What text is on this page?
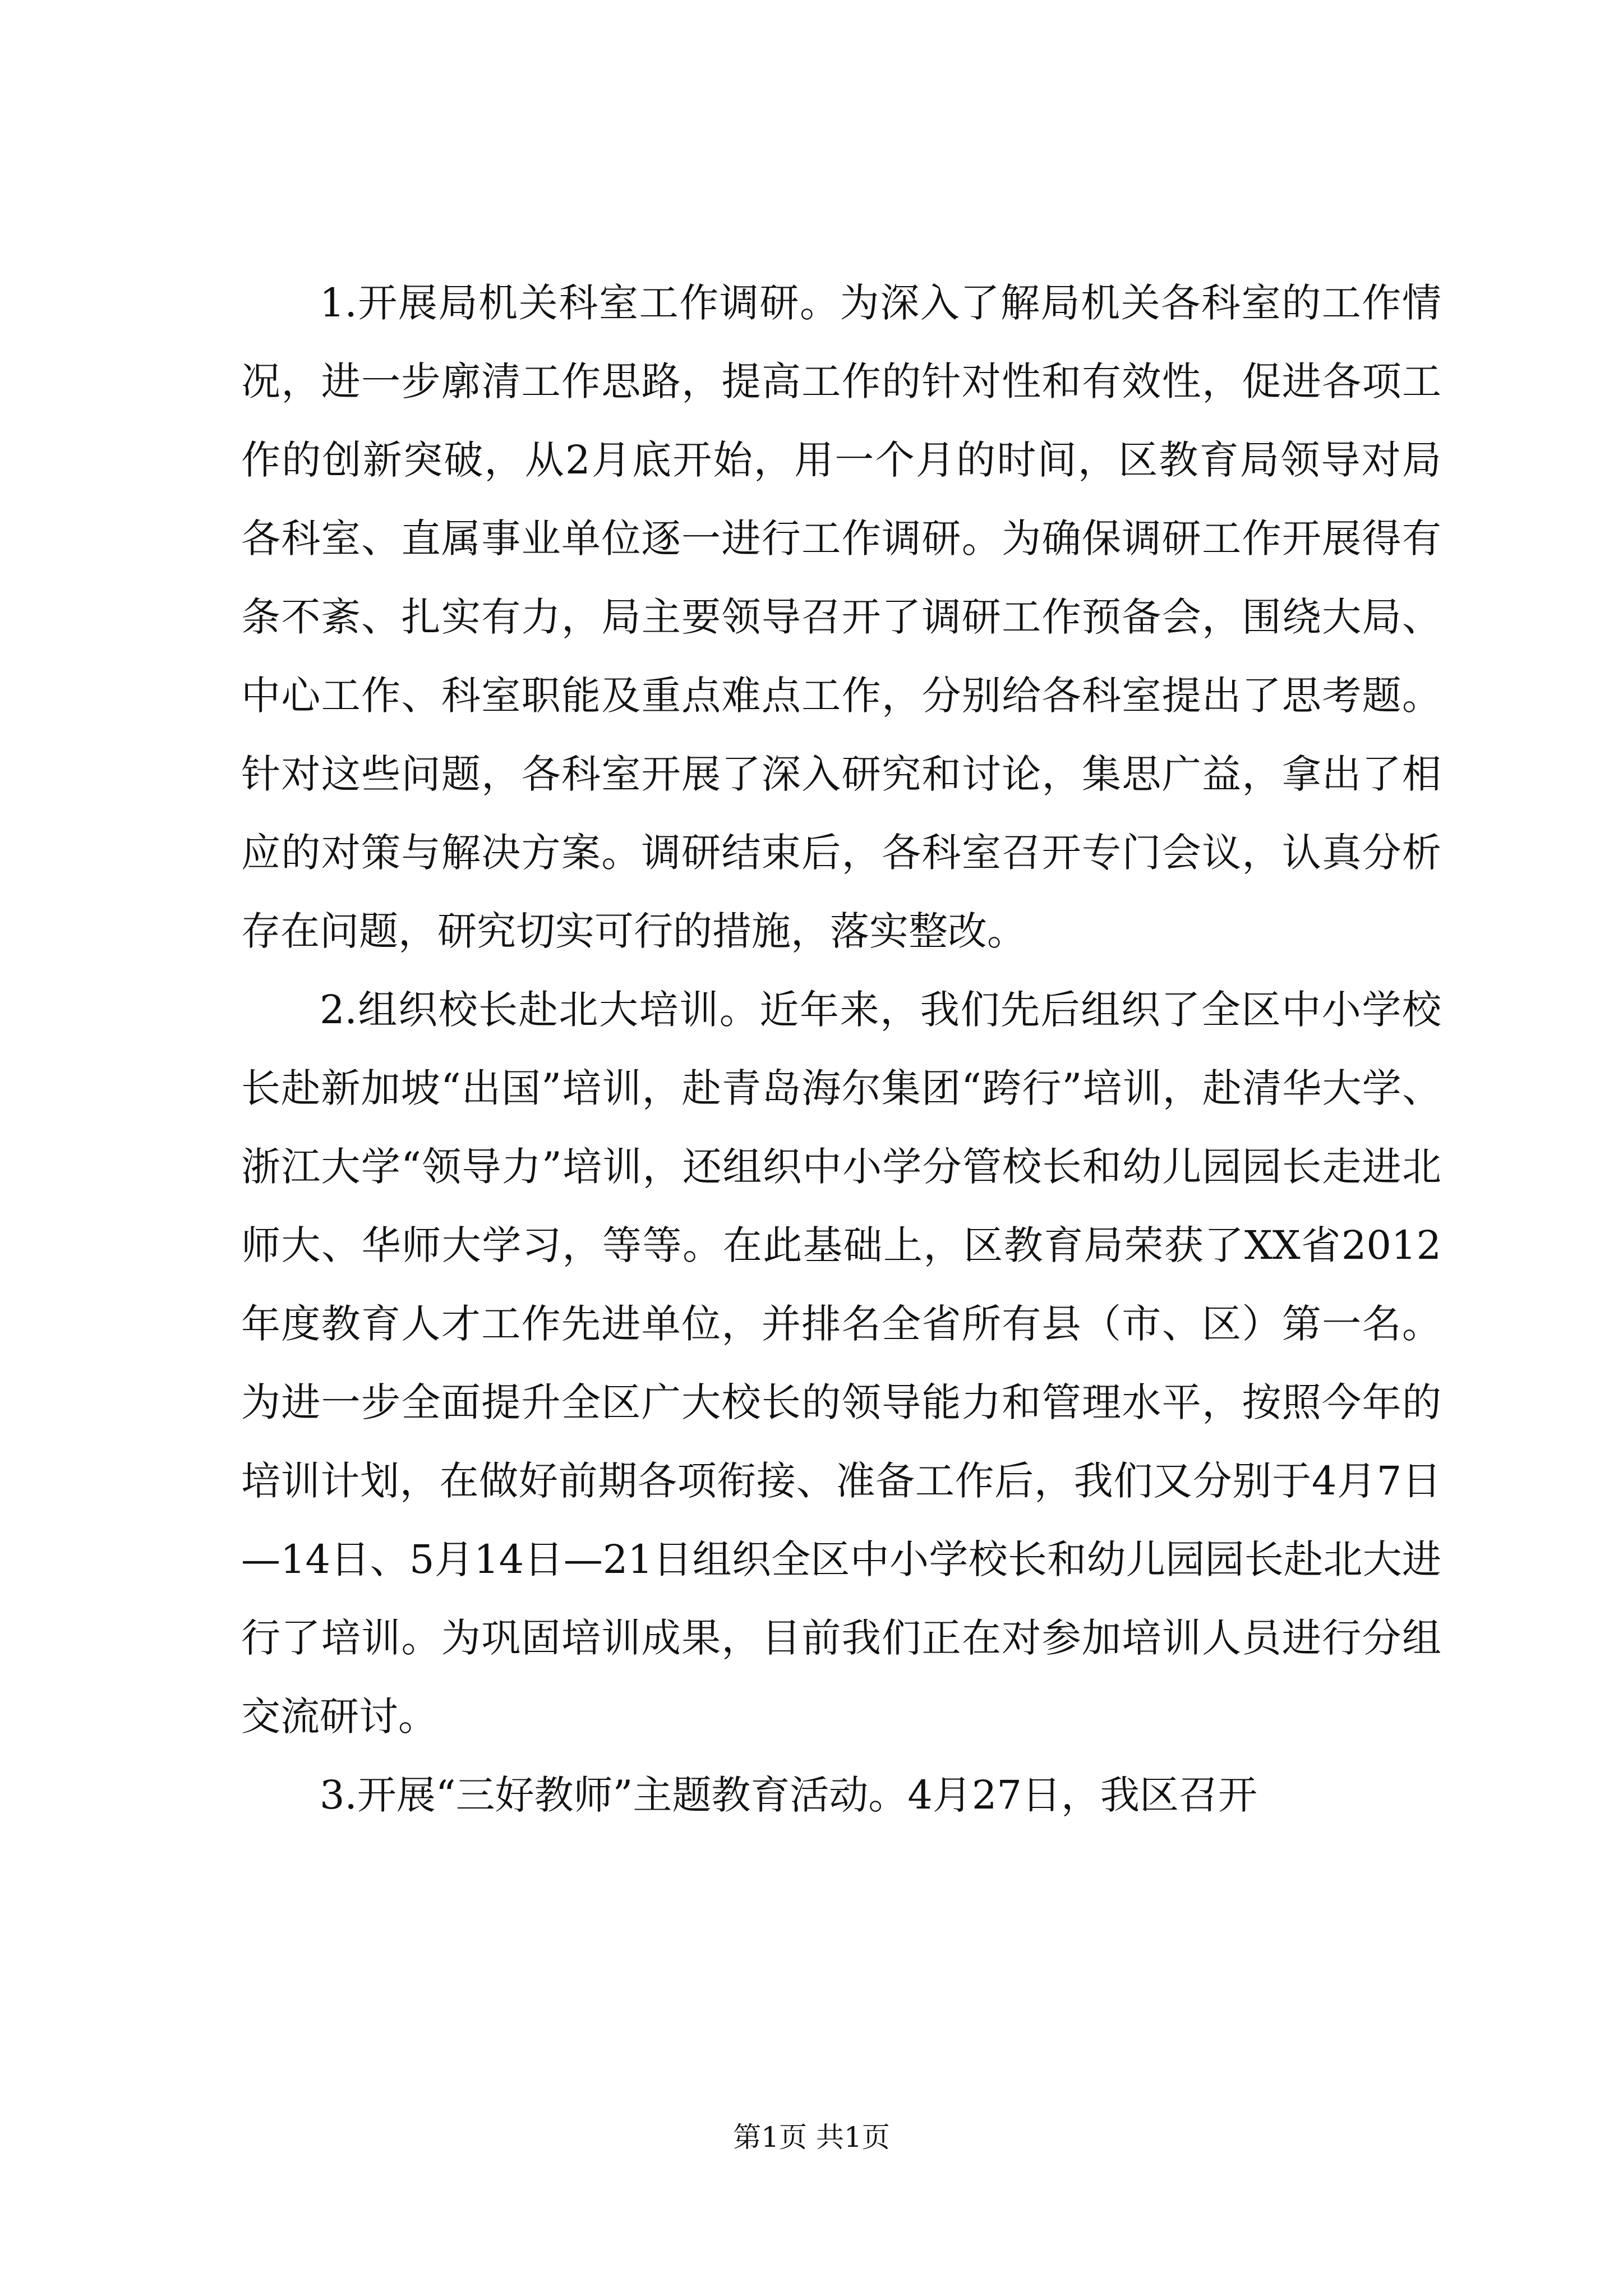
1.开展局机关科室工作调研。为深入了解局机关各科室的工作情况，进一步廓清工作思路，提高工作的针对性和有效性，促进各项工作的创新突破，从2月底开始，用一个月的时间，区教育局领导对局各科室、直属事业单位逐一进行工作调研。为确保调研工作开展得有条不紊、扎实有力，局主要领导召开了调研工作预备会，围绕大局、中心工作、科室职能及重点难点工作，分别给各科室提出了思考题。针对这些问题，各科室开展了深入研究和讨论，集思广益，拿出了相应的对策与解决方案。调研结束后，各科室召开专门会议，认真分析存在问题，研究切实可行的措施，落实整改。

2.组织校长赴北大培训。近年来，我们先后组织了全区中小学校长赴新加坡“出国”培训，赴青岛海尔集团“跨行”培训，赴清华大学、浙江大学“领导力”培训，还组织中小学分管校长和幼儿园园长走进北师大、华师大学习，等等。在此基础上，区教育局荣获了XX省2012年度教育人才工作先进单位，并排名全省所有县（市、区）第一名。为进一步全面提升全区广大校长的领导能力和管理水平，按照今年的培训计划，在做好前期各项衔接、准备工作后，我们又分别于4月7日—14日、5月14日—21日组织全区中小学校长和幼儿园园长赴北大进行了培训。为巩固培训成果，目前我们正在对参加培训人员进行分组交流研讨。

3.开展“三好教师”主题教育活动。4月27日，我区召开

第1页 共1页
